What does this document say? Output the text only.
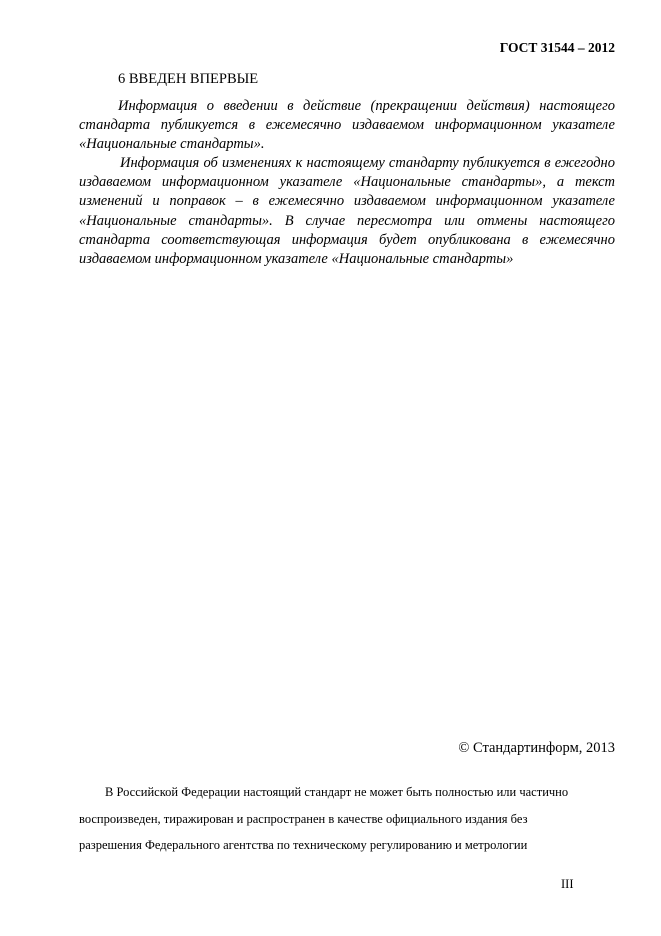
ГОСТ 31544 – 2012
6 ВВЕДЕН ВПЕРВЫЕ

Информация о введении в действие (прекращении действия) настоящего стандарта публикуется в ежемесячно издаваемом информационном указателе «Национальные стандарты».

Информация об изменениях к настоящему стандарту публикуется в ежегодно издаваемом информационном указателе «Национальные стандарты», а текст изменений и поправок – в ежемесячно издаваемом информационном указателе «Национальные стандарты». В случае пересмотра или отмены настоящего стандарта соответствующая информация будет опубликована в ежемесячно издаваемом информационном указателе «Национальные стандарты»

© Стандартинформ, 2013
В Российской Федерации настоящий стандарт не может быть полностью или частично
воспроизведен, тиражирован и распространен в качестве официального издания без
разрешения Федерального агентства по техническому регулированию и метрологии
III
